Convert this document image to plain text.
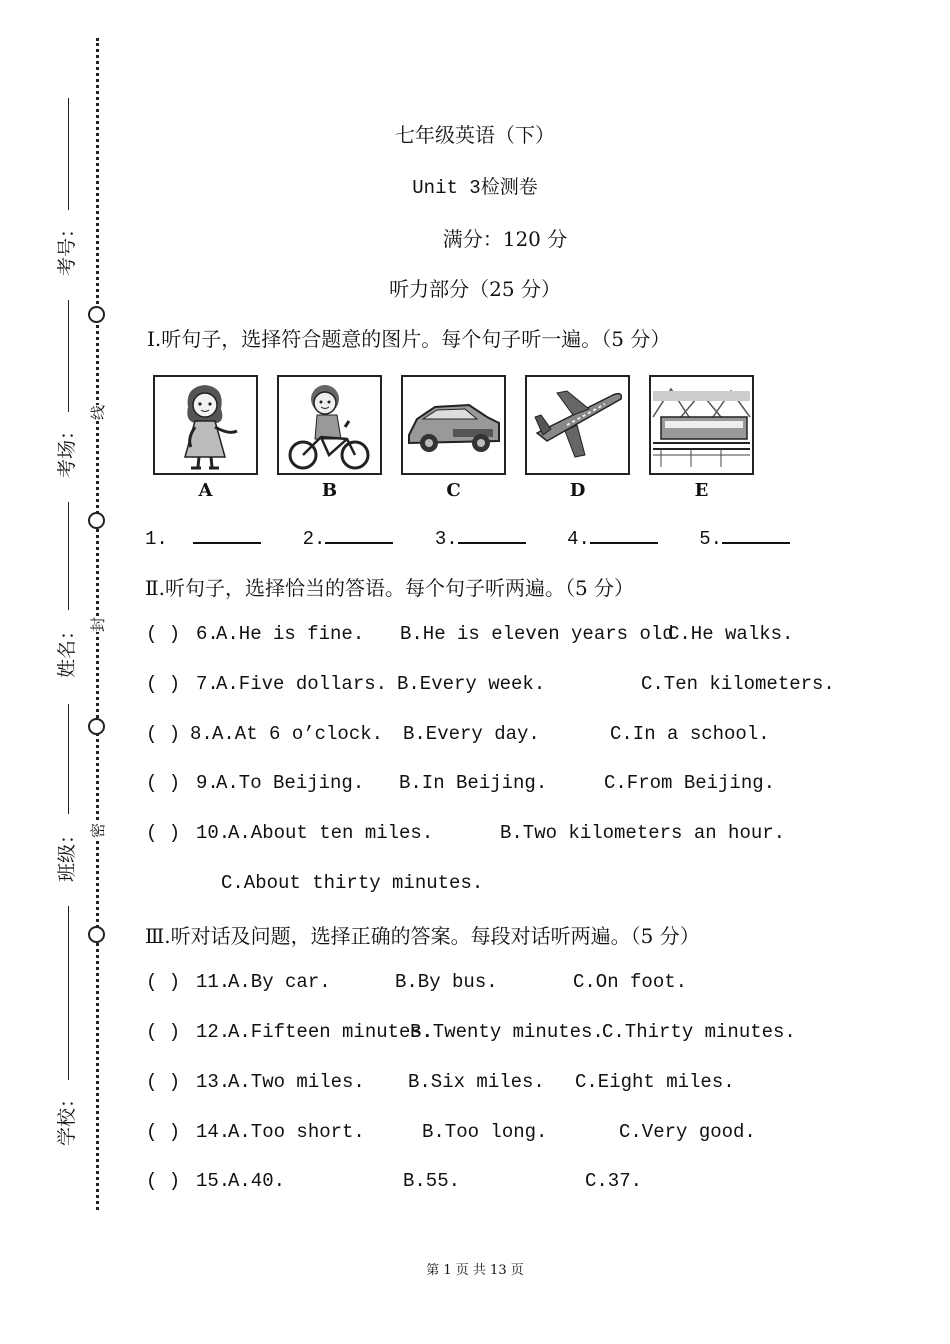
线
封
密
考号：
考场：
姓名：
班级：
学校：
七年级英语（下）
Unit 3检测卷
满分：120 分
听力部分（25 分）
Ⅰ.听句子，选择符合题意的图片。每个句子听一遍。（5 分）
A	B	C	D	E
1.	2.	3.	4.	5.
Ⅱ.听句子，选择恰当的答语。每个句子听两遍。（5 分）
( ) 6.
A.He is fine. B.He is eleven years old
C.He walks.
( ) 7.
A.Five dollars. B.Every week.	C.Ten kilometers.
( ) 8. A.At 6 o’clock. B.Every day.	C.In a school.
( ) 9.
A.To Beijing. B.In Beijing.	C.From Beijing.
( ) 10.
A.About ten miles.	B.Two kilometers an hour.
C.About thirty minutes.
Ⅲ.听对话及问题，选择正确的答案。每段对话听两遍。（5 分）
( ) 11.
A.By car.	B.By bus.	C.On foot.
( ) 12.
A.Fifteen minutes.
B.Twenty minutes.
C.Thirty minutes.
( ) 13.
A.Two miles. B.Six miles. C.Eight miles.
( ) 14.
A.Too short.	B.Too long.	C.Very good.
( ) 15.
A.40.	B.55.	C.37.
第 1 页 共 13 页
